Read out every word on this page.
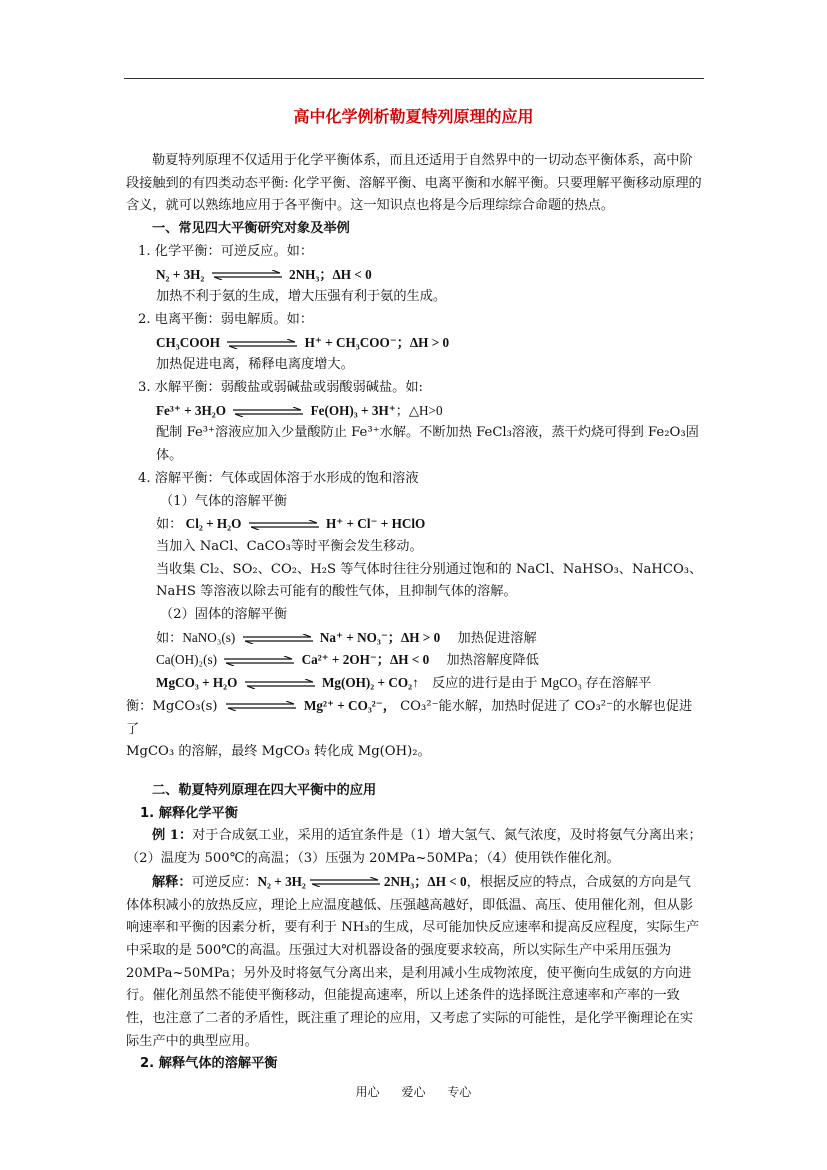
高中化学例析勒夏特列原理的应用

勒夏特列原理不仅适用于化学平衡体系，而且还适用于自然界中的一切动态平衡体系，高中阶段接触到的有四类动态平衡: 化学平衡、溶解平衡、电离平衡和水解平衡。只要理解平衡移动原理的含义，就可以熟练地应用于各平衡中。这一知识点也将是今后理综综合命题的热点。

一、常见四大平衡研究对象及举例

1. 化学平衡：可逆反应。如：

N₂ + 3H₂	2NH₃；ΔH < 0

加热不利于氨的生成，增大压强有利于氨的生成。

2. 电离平衡：弱电解质。如：

CH₃COOH	H⁺ + CH₃COO⁻；ΔH > 0

加热促进电离，稀释电离度增大。

3. 水解平衡：弱酸盐或弱碱盐或弱酸弱碱盐。如:

Fe³⁺ + 3H₂O	Fe(OH)₃ + 3H⁺；△H>0

配制 Fe³⁺溶液应加入少量酸防止 Fe³⁺水解。不断加热 FeCl₃溶液，蒸干灼烧可得到 Fe₂O₃固体。

4. 溶解平衡：气体或固体溶于水形成的饱和溶液

（1）气体的溶解平衡

如： Cl₂ + H₂O	H⁺ + Cl⁻ + HClO

当加入 NaCl、CaCO₃等时平衡会发生移动。

当收集 Cl₂、SO₂、CO₂、H₂S 等气体时往往分别通过饱和的 NaCl、NaHSO₃、NaHCO₃、NaHS 等溶液以除去可能有的酸性气体，且抑制气体的溶解。

（2）固体的溶解平衡

如：NaNO₃(s)	Na⁺ + NO₃⁻；ΔH > 0 加热促进溶解

Ca(OH)₂(s)	Ca²⁺ + 2OH⁻；ΔH < 0 加热溶解度降低

MgCO₃ + H₂O	Mg(OH)₂ + CO₂↑ 反应的进行是由于 MgCO₃ 存在溶解平

衡：MgCO₃(s)	Mg²⁺ + CO₃²⁻， CO₃²⁻能水解，加热时促进了 CO₃²⁻的水解也促进了

MgCO₃ 的溶解，最终 MgCO₃ 转化成 Mg(OH)₂。

二、勒夏特列原理在四大平衡中的应用

1. 解释化学平衡

例 1：对于合成氨工业，采用的适宜条件是（1）增大氢气、氮气浓度，及时将氨气分离出来；（2）温度为 500℃的高温；（3）压强为 20MPa~50MPa；（4）使用铁作催化剂。

解释：可逆反应：N₂ + 3H₂	2NH₃；ΔH < 0，根据反应的特点，合成氨的方向是气体体积减小的放热反应，理论上应温度越低、压强越高越好，即低温、高压、使用催化剂，但从影响速率和平衡的因素分析，要有利于 NH₃的生成，尽可能加快反应速率和提高反应程度，实际生产中采取的是 500℃的高温。压强过大对机器设备的强度要求较高，所以实际生产中采用压强为 20MPa~50MPa；另外及时将氨气分离出来，是利用减小生成物浓度，使平衡向生成氨的方向进行。催化剂虽然不能使平衡移动，但能提高速率，所以上述条件的选择既注意速率和产率的一致性，也注意了二者的矛盾性，既注重了理论的应用，又考虑了实际的可能性，是化学平衡理论在实际生产中的典型应用。

2. 解释气体的溶解平衡

用心 爱心 专心
